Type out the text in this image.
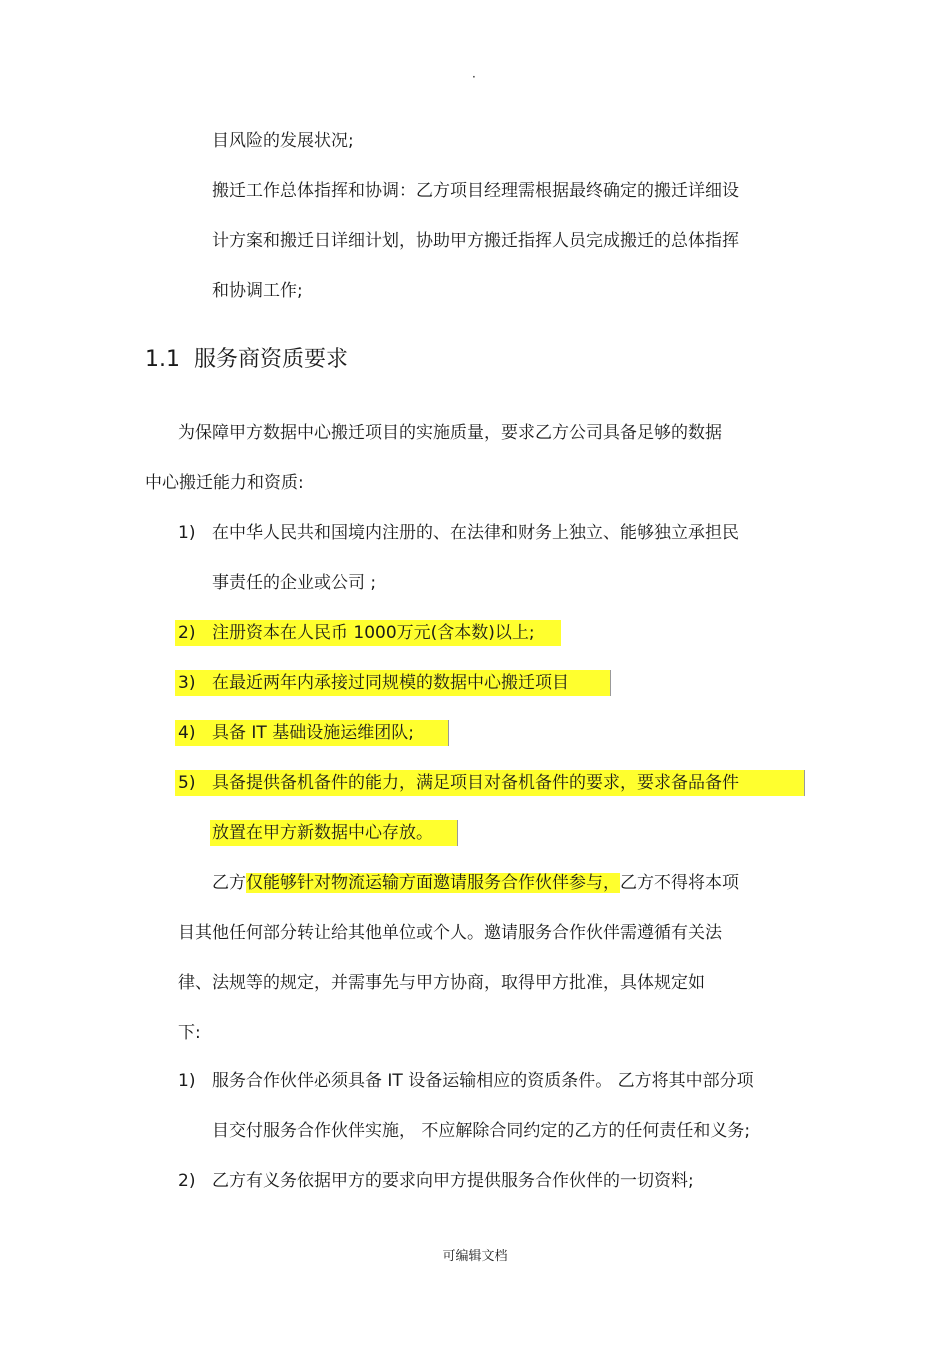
·
目风险的发展状况;
搬迁工作总体指挥和协调：乙方项目经理需根据最终确定的搬迁详细设
计方案和搬迁日详细计划，协助甲方搬迁指挥人员完成搬迁的总体指挥
和协调工作;
1.1 服务商资质要求
为保障甲方数据中心搬迁项目的实施质量，要求乙方公司具备足够的数据
中心搬迁能力和资质:
1) 在中华人民共和国境内注册的、在法律和财务上独立、能够独立承担民
事责任的企业或公司 ;
2) 注册资本在人民币 1000万元(含本数)以上;
3) 在最近两年内承接过同规模的数据中心搬迁项目
4) 具备 IT 基础设施运维团队;
5) 具备提供备机备件的能力，满足项目对备机备件的要求，要求备品备件
放置在甲方新数据中心存放。
乙方仅能够针对物流运输方面邀请服务合作伙伴参与，乙方不得将本项
目其他任何部分转让给其他单位或个人。邀请服务合作伙伴需遵循有关法
律、法规等的规定，并需事先与甲方协商，取得甲方批准，具体规定如
下:
1) 服务合作伙伴必须具备 IT 设备运输相应的资质条件。 乙方将其中部分项
目交付服务合作伙伴实施， 不应解除合同约定的乙方的任何责任和义务;
2) 乙方有义务依据甲方的要求向甲方提供服务合作伙伴的一切资料;
可编辑文档
